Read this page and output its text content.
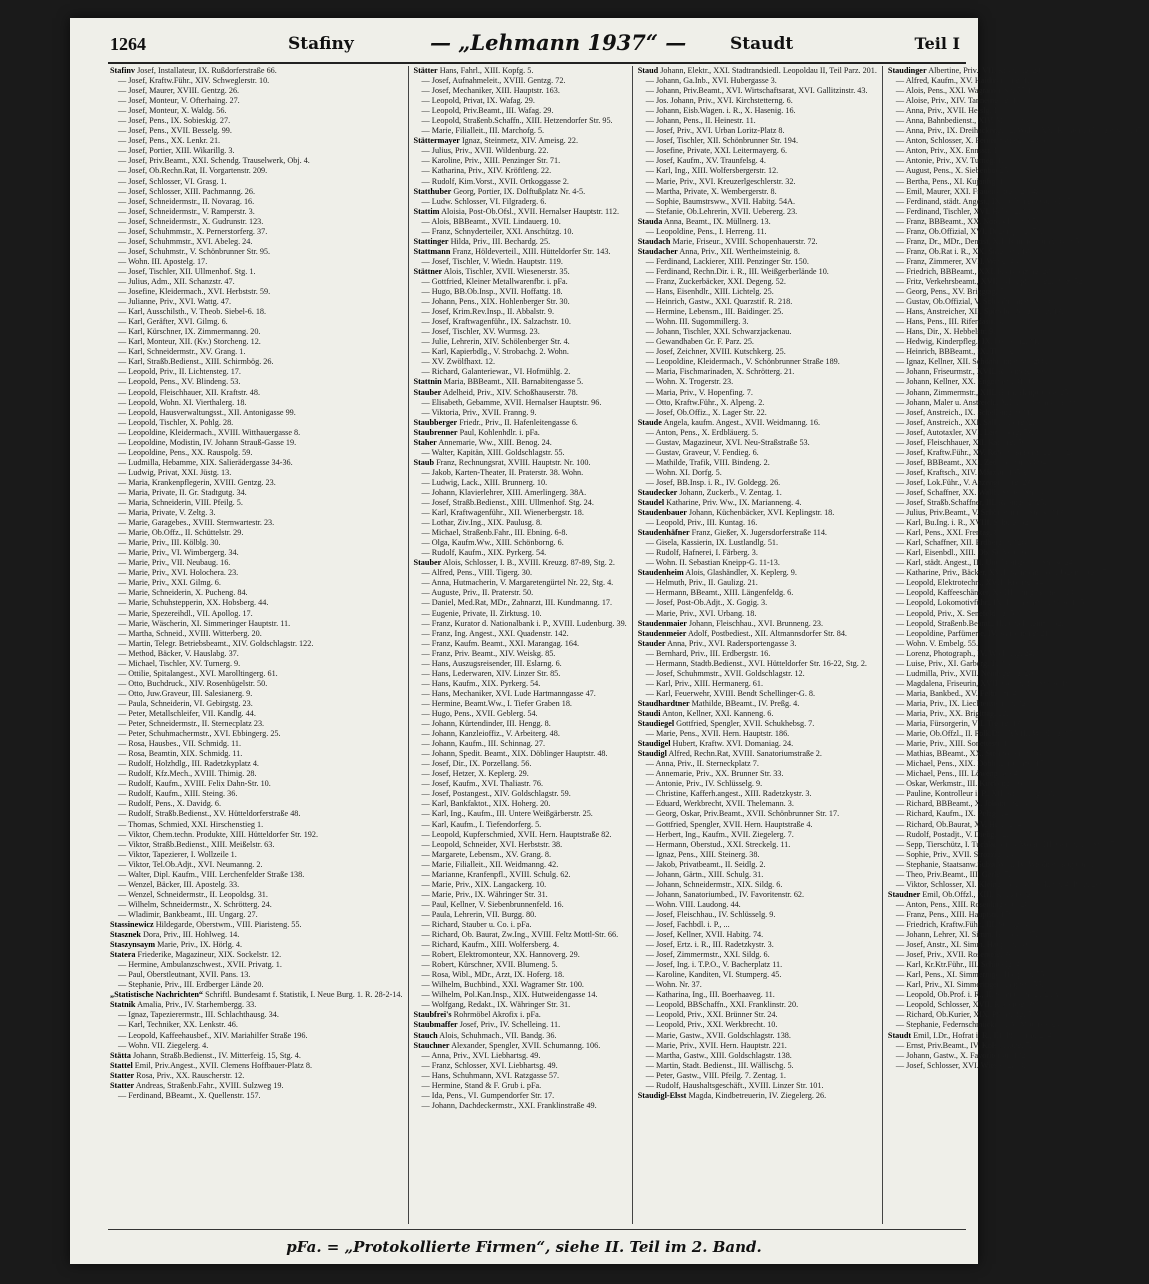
1264	Stafiny	— „Lehmann 1937“ —	Staudt	Teil I
Stafinv Josef, Installateur, IX. Rußdorferstraße 66.
— Josef, Kraftw.Führ., XIV. Schweglerstr. 10.
— Josef, Maurer, XVIII. Gentzg. 26.
— Josef, Monteur, V. Ofterhaing. 27.
— Josef, Monteur, X. Waldg. 56.
— Josef, Pens., IX. Sobieskig. 27.
— Josef, Pens., XVII. Besselg. 99.
— Josef, Pens., XX. Lenkr. 21.
— Josef, Portier, XIII. Wikarillg. 3.
— Josef, Priv.Beamt., XXI. Schendg. Trauselwerk, Obj. 4.
— Josef, Ob.Rechn.Rat, II. Vorgartenstr. 209.
— Josef, Schlosser, VI. Grasg. 1.
— Josef, Schlosser, XIII. Pachmanng. 26.
— Josef, Schneidermstr., II. Novarag. 16.
— Josef, Schneidermstr., V. Ramperstr. 3.
— Josef, Schneidermstr., X. Gudrunstr. 123.
— Josef, Schuhmmstr., X. Pernerstorferg. 37.
— Josef, Schuhmmstr., XVI. Abeleg. 24.
— Josef, Schuhmstr., V. Schönbrunner Str. 95.
— Wohn. III. Apostelg. 17.
— Josef, Tischler, XII. Ullmenhof. Stg. 1.
— Julius, Adm., XII. Schanzstr. 47.
— Josefine, Kleidermach., XVI. Herbststr. 59.
— Julianne, Priv., XVI. Wattg. 47.
— Karl, Ausschilsth., V. Theob. Siebel-6. 18.
— Karl, Geräfter, XVI. Gilmg. 6.
— Karl, Kürschner, IX. Zimmermanng. 20.
— Karl, Monteur, XII. (Kv.) Storcheng. 12.
— Karl, Schneidermstr., XV. Grang. 1.
— Karl, Straßb.Bedienst., XIII. Schirmbög. 26.
— Leopold, Priv., II. Lichtensteg. 17.
— Leopold, Pens., XV. Blindeng. 53.
— Leopold, Fleischhauer, XII. Kraftstr. 48.
— Leopold, Wohn. XI. Vierthalerg. 18.
— Leopold, Hausverwaltungsst., XII. Antonigasse 99.
— Leopold, Tischler, X. Pohlg. 28.
— Leopoldine, Kleidermach., XVIII. Witthauergasse 8.
— Leopoldine, Modistin, IV. Johann Strauß-Gasse 19.
— Leopoldine, Pens., XX. Rauspolg. 59.
— Ludmilla, Hebamme, XIX. Salierädergasse 34-36.
— Ludwig, Privat, XXI. Jüstg. 13.
— Maria, Krankenpflegerin, XVIII. Gentzg. 23.
— Maria, Private, II. Gr. Stadtgutg. 34.
— Maria, Schneiderin, VIII. Pfeilg. 5.
— Maria, Private, V. Zeltg. 3.
— Marie, Garagebes., XVIII. Sternwartestr. 23.
— Marie, Ob.Offz., II. Schüttelstr. 29.
— Marie, Priv., III. Kölblg. 30.
— Marie, Priv., VI. Wimbergerg. 34.
— Marie, Priv., VII. Neubaug. 16.
— Marie, Priv., XVI. Holochera. 23.
— Marie, Priv., XXI. Gilmg. 6.
— Marie, Schneiderin, X. Pucheng. 84.
— Marie, Schuhstepperin, XX. Hobsberg. 44.
— Marie, Spezereihdl., VII. Apollog. 17.
— Marie, Wäscherin, XI. Simmeringer Hauptstr. 11.
— Martha, Schneid., XVIII. Witterberg. 20.
— Martin, Telegr. Betriebsbeamt., XIV. Goldschlagstr. 122.
— Method, Bäcker, V. Hauslabg. 37.
— Michael, Tischler, XV. Turnerg. 9.
— Ottilie, Spitalangest., XVI. Marolltingerg. 61.
— Otto, Buchdruck., XIV. Rosenhügelstr. 50.
— Otto, Juw.Graveur, III. Salesianerg. 9.
— Paula, Schneiderin, VI. Gebirgstg. 23.
— Peter, Metallschleifer, VII. Kandlg. 44.
— Peter, Schneidermstr., II. Sternecplatz 23.
— Peter, Schuhmachermstr., XVI. Ebbingerg. 25.
— Rosa, Hausbes., VII. Schmidg. 11.
— Rosa, Beamtin, XIX. Schmidg. 11.
— Rudolf, Holzhdlg., III. Radetzkyplatz 4.
— Rudolf, Kfz.Mech., XVIII. Thimig. 28.
— Rudolf, Kaufm., XVIII. Felix Dahn-Str. 10.
— Rudolf, Kaufm., XIII. Steing. 36.
— Rudolf, Pens., X. Davidg. 6.
— Rudolf, Straßb.Bedienst., XV. Hütteldorferstraße 48.
— Thomas, Schmied, XXI. Hirschenstieg 1.
— Viktor, Chem.techn. Produkte, XIII. Hütteldorfer Str. 192.
— Viktor, Straßb.Bedienst., XIII. Meißelstr. 63.
— Viktor, Tapezierer, I. Wollzeile 1.
— Viktor, Tel.Ob.Adjt., XVI. Neumanng. 2.
— Walter, Dipl. Kaufm., VIII. Lerchenfelder Straße 138.
— Wenzel, Bäcker, III. Apostelg. 33.
— Wenzel, Schneidermstr., II. Leopoldsg. 31.
— Wilhelm, Schneidermstr., X. Schrötterg. 24.
— Wladimir, Bankbeamt., III. Ungarg. 27.
Stassinewicz Hildegarde, Oberstwm., VIII. Piaristeng. 55.
Stasznek Dora, Priv., III. Hohlweg. 14.
Staszynsaym Marie, Priv., IX. Hörlg. 4.
Statera Friederike, Magazineur, XIX. Sockelstr. 12.
— Hermine, Ambulanzschwest., XVII. Privatg. 1.
— Paul, Oberstleutnant, XVII. Pans. 13.
— Stephanie, Priv., III. Erdberger Lände 20.
„Statistische Nachrichten“ Schriftl. Bundesamt f. Statistik, I. Neue Burg. 1. R. 28-2-14.
Statnik Amalia, Priv., IV. Starhembergg. 33.
— Ignaz, Tapezierermstr., III. Schlachthausg. 34.
— Karl, Techniker, XX. Lenkstr. 46.
— Leopold, Kaffeehausbef., XIV. Mariahilfer Straße 196.
— Wohn. VII. Ziegelerg. 4.
Stätta Johann, Straßb.Bedienst., IV. Mitterfeig. 15, Stg. 4.
Stattel Emil, Priv.Angest., XVII. Clemens Hoffbauer-Platz 8.
Statter Rosa, Priv., XX. Rauscherstr. 12.
Statter Andreas, Straßenb.Fahr., XVIII. Sulzweg 19.
— Ferdinand, BBeamt., X. Quellenstr. 157.
Stätter Hans, Fahrl., XIII. Kopfg. 5.
— Josef, Aufnahmeleit., XVIII. Gentzg. 72.
— Josef, Mechaniker, XIII. Hauptstr. 163.
— Leopold, Privat, IX. Wafag. 29.
— Leopold, Priv.Beamt., III. Wafag. 29.
— Leopold, Straßenb.Schaffn., XIII. Hetzendorfer Str. 95.
— Marie, Filialleit., III. Marchofg. 5.
Stättermayer Ignaz, Steinmetz, XIV. Ameisg. 22.
— Julius, Priv., XVII. Wildenburg. 22.
— Karoline, Priv., XIII. Penzinger Str. 71.
— Katharina, Priv., XIV. Kröftleng. 22.
— Rudolf, Kim.Vorst., XVII. Ortkoggasse 2.
Statthuber Georg, Portier, IX. Dolftußplatz Nr. 4-5.
— Ludw. Schlosser, VI. Filgraderg. 6.
Stattim Aloisia, Post-Ob.Ofsl., XVII. Hernalser Hauptstr. 112.
— Alois, BBBeamt., XVII. Lindauerg. 10.
— Franz, Schnyderteiler, XXI. Anschützg. 10.
Stattinger Hilda, Priv., III. Bechardg. 25.
Stattmann Franz, Höldeverteil., XIII. Hütteldorfer Str. 143.
— Josef, Tischler, V. Wiedn. Hauptstr. 119.
Stättner Alois, Tischler, XVII. Wiesenerstr. 35.
— Gottfried, Kleiner Metallwarenfbr. i. pFa.
— Hugo, BB.Ob.Insp., XVII. Hoffattg. 18.
— Johann, Pens., XIX. Hohlenberger Str. 30.
— Josef, Krim.Rev.Insp., II. Abbalstr. 9.
— Josef, Kraftwagenführ., IX. Salzachstr. 10.
— Josef, Tischler, XV. Wurmsg. 23.
— Julie, Lehrerin, XIV. Schölenberger Str. 4.
— Karl, Kapierbdlg., V. Strobachg. 2. Wohn.
— XV. Zwölfhaxt. 12.
— Richard, Galanteriewar., VI. Hofmühlg. 2.
Stattnin Maria, BBBeamt., XII. Barnabitengasse 5.
Stauber Adelheid, Priv., XIV. Schoßhauserstr. 78.
— Elisabeth, Gebamme, XVII. Hernalser Hauptstr. 96.
— Viktoria, Priv., XVII. Franng. 9.
Staubberger Friedr., Priv., II. Hafenleitengasse 6.
Staubrenner Paul, Kohlenhdlr. i. pFa.
Staher Annemarie, Ww., XIII. Benog. 24.
— Walter, Kapitän, XIII. Goldschlagstr. 55.
Staub Franz, Rechnungsrat, XVIII. Hauptstr. Nr. 100.
— Jakob, Karten-Theater, II. Praterstr. 38. Wohn.
— Ludwig, Lack., XIII. Brunnerg. 10.
— Johann, Klavierlehrer, XIII. Amerlingerg. 38A.
— Josef, Straßb.Bedienst., XIII. Ullmenhof. Stg. 24.
— Karl, Kraftwagenführ., XII. Wienerbergstr. 18.
— Lothar, Ziv.Ing., XIX. Paulusg. 8.
— Michael, Straßenb.Fahr., III. Ebning. 6-8.
— Olga, Kaufm.Ww., XIII. Schönborng. 6.
— Rudolf, Kaufm., XIX. Pyrkerg. 54.
Stauber Alois, Schlosser, I. B., XVIII. Kreuzg. 87-89, Stg. 2.
— Alfred, Pens., VIII. Tigerg. 30.
— Anna, Hutmacherin, V. Margaretengürtel Nr. 22, Stg. 4.
— Auguste, Priv., II. Praterstr. 50.
— Daniel, Med.Rat, MDr., Zahnarzt, III. Kundmanng. 17.
— Eugenie, Private, II. Zirktusg. 10.
— Franz, Kurator d. Nationalbank i. P., XVIII. Ludenburg. 39.
— Franz, Ing. Angest., XXI. Quadenstr. 142.
— Franz, Kaufm. Beamt., XXI. Marangag. 164.
— Franz, Priv. Beamt., XIV. Weiskg. 85.
— Hans, Auszugsreisender, III. Eslarng. 6.
— Hans, Lederwaren, XIV. Linzer Str. 85.
— Hans, Kaufm., XIX. Pyrkerg. 54.
— Hans, Mechaniker, XVI. Lude Hartmanngasse 47.
— Hermine, Beamt.Ww., I. Tiefer Graben 18.
— Hugo, Pens., XVII. Geblerg. 54.
— Johann, Kürtendinder, III. Hengg. 8.
— Johann, Kanzleioffiz., V. Arbeiterg. 48.
— Johann, Kaufm., III. Schinnag. 27.
— Johann, Spedit. Beamt., XIX. Döblinger Hauptstr. 48.
— Josef, Dir., IX. Porzellang. 56.
— Josef, Hetzer, X. Keplerg. 29.
— Josef, Kaufm., XVI. Thaliastr. 76.
— Josef, Postangest., XIV. Goldschlagstr. 59.
— Karl, Bankfaktot., XIX. Hoherg. 20.
— Karl, Ing., Kaufm., III. Untere Weißgärberstr. 25.
— Karl, Kaufm., I. Tiefendorferg. 5.
— Leopold, Kupferschmied, XVII. Hern. Hauptstraße 82.
— Leopold, Schneider, XVI. Herbststr. 38.
— Margarete, Lebensm., XV. Grang. 8.
— Marie, Filialleit., XII. Weidmanng. 42.
— Marianne, Kranfenpfl., XVIII. Schulg. 62.
— Marie, Priv., XIX. Langackerg. 10.
— Marie, Priv., IX. Währinger Str. 31.
— Paul, Kellner, V. Siebenbrunnenfeld. 16.
— Paula, Lehrerin, VII. Burgg. 80.
— Richard, Stauber u. Co. i. pFa.
— Richard, Ob. Baurat, Zw.Ing., XVIII. Feltz Mottl-Str. 66.
— Richard, Kaufm., XIII. Wolfersberg. 4.
— Robert, Elektromonteur, XX. Hannoverg. 29.
— Robert, Kürschner, XVII. Blumeng. 5.
— Rosa, Wibl., MDr., Arzt, IX. Hoferg. 18.
— Wilhelm, Buchbind., XXI. Wagramer Str. 100.
— Wilhelm, Pol.Kan.Insp., XIX. Hutweidengasse 14.
— Wolfgang, Redakt., IX. Währinger Str. 31.
Staubfrei's Rohrmöbel Akrofix i. pFa.
Staubmaffer Josef, Priv., IV. Schelleing. 11.
Stauch Alois, Schuhmach., VII. Bandg. 36.
Stauchner Alexander, Spengler, XVII. Schumanng. 106.
— Anna, Priv., XVI. Liebhartsg. 49.
— Franz, Schlosser, XVI. Liebhartsg. 49.
— Hans, Schuhmann, XVI. Ratzgasse 57.
— Hermine, Stand & F. Grub i. pFa.
— Ida, Pens., VI. Gumpendorfer Str. 17.
— Johann, Dachdeckermstr., XXI. Franklinstraße 49.
Staud Johann, Elektr., XXI. Stadtrandsiedl. Leopoldau II, Teil Parz. 201.
— Johann, Ga.Inb., XVI. Hubergasse 3.
— Johann, Priv.Beamt., XVI. Wirtschaftsarat, XVI. Gallitzinstr. 43.
— Jos. Johann, Priv., XVI. Kirchstetterng. 6.
— Johann, Eisb.Wagen. i. R., X. Hasenig. 16.
— Johann, Pens., II. Heinestr. 11.
— Josef, Priv., XVI. Urban Loritz-Platz 8.
— Josef, Tischler, XII. Schönbrunner Str. 194.
— Josefine, Private, XXI. Leitermayerg. 6.
— Josef, Kaufm., XV. Traunfelsg. 4.
— Karl, Ing., XIII. Wolfersbergerstr. 12.
— Marie, Priv., XVI. Kreuzerlgeschlerstr. 32.
— Martha, Private, X. Wembergerstr. 8.
— Sophie, Baumstrsww., XVII. Habitg. 54A.
— Stefanie, Ob.Lehrerin, XVII. Uebererg. 23.
Stauda Anna, Beamt., IX. Müllnerg. 13.
— Leopoldine, Pens., I. Herreng. 11.
Staudach Marie, Friseur., XVIII. Schopenhauerstr. 72.
Staudacher Anna, Priv., XII. Wertheimsteinig. 8.
— Ferdinand, Lackierer, XIII. Penzinger Str. 150.
— Ferdinand, Rechn.Dir. i. R., III. Weißgerberlände 10.
— Franz, Zuckerbäcker, XXI. Degeng. 52.
— Hans, Eisenhdlr., XIII. Lichtelg. 25.
— Heinrich, Gastw., XXI. Quarzstif. R. 218.
— Hermine, Lebensm., III. Baidinger. 25.
— Wohn. III. Sugommillerg. 3.
— Johann, Tischler, XXI. Schwarzjackenau.
— Gewandhaben Gr. F. Parz. 25.
— Josef, Zeichner, XVIII. Kutschkerg. 25.
— Leopoldine, Kleidermach., V. Schönbrunner Straße 189.
— Maria, Fischmarinaden, X. Schrötterg. 21.
— Wohn. X. Trogerstr. 23.
— Maria, Priv., V. Hopenfing. 7.
— Otto, Kraftw.Führ., X. Alpeng. 2.
— Josef, Ob.Offiz., X. Lager Str. 22.
Staude Angela, kaufm. Angest., XVII. Weidmanng. 16.
— Anton, Pens., X. Erdbläuerg. 5.
— Gustav, Magazineur, XVI. Neu-Straßstraße 53.
— Gustav, Graveur, V. Fendieg. 6.
— Mathilde, Trafik, VIII. Bindeng. 2.
— Wohn. XI. Dorfg. 5.
— Josef, BB.Insp. i. R., IV. Goldegg. 26.
Staudecker Johann, Zuckerb., V. Zentag. 1.
Staudel Katharine, Priv. Ww., IX. Marianneng. 4.
Staudenbauer Johann, Küchenbäcker, XVI. Keplingstr. 18.
— Leopold, Priv., III. Kuntag. 16.
Staudenhäfner Franz, Gießer, X. Jugersdorferstraße 114.
— Gisela, Kassierin, IX. Lustlandlg. 51.
— Rudolf, Hafnerei, I. Färberg. 3.
— Wohn. II. Sebastian Kneipp-G. 11-13.
Staudenheim Alois, Glashändler, X. Keplerg. 9.
— Helmuth, Priv., II. Gaulizg. 21.
— Hermann, BBeamt., XIII. Längenfeldg. 6.
— Josef, Post-Ob.Adjt., X. Gogig. 3.
— Marie, Priv., XVI. Urbang. 18.
Staudenmaier Johann, Fleischhau., XVI. Brunneng. 23.
Staudenmeier Adolf, Postbediest., XII. Altmannsdorfer Str. 84.
Stauder Anna, Priv., XVI. Radersportengasse 3.
— Bernhard, Priv., III. Erdbergstr. 16.
— Hermann, Stadtb.Bedienst., XVI. Hütteldorfer Str. 16-22, Stg. 2.
— Josef, Schuhmmstr., XVII. Goldschlagstr. 12.
— Karl, Priv., XIII. Hermanerg. 61.
— Karl, Feuerwehr, XVIII. Bendt Schellinger-G. 8.
Staudhardtner Mathilde, BBeamt., IV. Preßg. 4.
Staudi Anton, Kellner, XXI. Kanneng. 6.
Staudiegel Gottfried, Spengler, XVII. Schukhebsg. 7.
— Marie, Pens., XVII. Hern. Hauptstr. 186.
Staudigel Hubert, Kraftw. XVI. Domaniag. 24.
Staudigl Alfred, Rechn.Rat, XVIII. Sanatoriumstraße 2.
— Anna, Priv., II. Sterneckplatz 7.
— Annemarie, Priv., XX. Brunner Str. 33.
— Antonie, Priv., IV. Schlüsselg. 9.
— Christine, Kafferh.angest., XIII. Radetzkystr. 3.
— Eduard, Werkbrecht, XVII. Thelemann. 3.
— Georg, Oskar, Priv.Beamt., XVII. Schönbrunner Str. 17.
— Gottfried, Spengler, XVII. Hern. Hauptstraße 4.
— Herbert, Ing., Kaufm., XVII. Ziegelerg. 7.
— Hermann, Oberstud., XXI. Streckelg. 11.
— Ignaz, Pens., XIII. Steinerg. 38.
— Jakob, Privatbeamt., II. Seidlg. 2.
— Johann, Gärtn., XIII. Schulg. 31.
— Johann, Schneidermstr., XIX. Sildg. 6.
— Johann, Sanatoriumbed., IV. Favoritenstr. 62.
— Wohn. VIII. Laudong. 44.
— Josef, Fleischhau., IV. Schlüsselg. 9.
— Josef, Fachbdl. i. P., ...
— Josef, Kellner, XVII. Habitg. 74.
— Josef, Ertz. i. R., III. Radetzkystr. 3.
— Josef, Zimmermstr., XXI. Sildg. 6.
— Josef, Ing. i. T.P.O., V. Bacherplatz 11.
— Karoline, Kanditen, VI. Stumperg. 45.
— Wohn. Nr. 37.
— Katharina, Ing., III. Boerhaaveg. 11.
— Leopold, BBSchaffn., XXI. Franklinstr. 20.
— Leopold, Priv., XXI. Brünner Str. 24.
— Leopold, Priv., XXI. Werkbrecht. 10.
— Marie, Gastw., XVII. Goldschlagstr. 138.
— Marie, Priv., XVII. Hern. Hauptstr. 221.
— Martha, Gastw., XIII. Goldschlagstr. 138.
— Martin, Stadt. Bedienst., III. Wällischg. 5.
— Peter, Gastw., VIII. Pfeilg. 7. Zentag. 1.
— Rudolf, Haushaltsgeschäft., XVIII. Linzer Str. 101.
Staudigl-Elsst Magda, Kindbetreuerin, IV. Ziegelerg. 26.
Staudinger Albertine, Priv., VII. Kircheng. 29.
— Alfred, Kaufm., XV. Haidmanning. 1.
— Alois, Pens., XXI. Wagramer Str. 57-103.
— Aloise, Priv., XIV. Tanneingerg. 18.
— Anna, Priv., XVII. Heislg. 11.
— Anna, Bahnbedienst., XIV. Meiselstr. 18.
— Anna, Priv., IX. Dreihackeng. 12. Wohn. XX. Klosterneuburger Str. 107.
— Anton, Schlosser, X. Pernerstorferg. 84-86.
— Anton, Priv., XX. Ennsstr. 18.
— Antonie, Priv., XV. Turneg. 1.
— August, Pens., X. Siebenbot 25.
— Bertha, Pens., XI. Kujanftg. 1.
— Emil, Maurer, XXI. Frauenstiftg. 12-14.
— Ferdinand, städt. Angest., IX. Döblinger Gürtel 17.
— Ferdinand, Tischler, XVI. Haberlg. 19.
— Franz, BBBeamt., XX. Nordbahnstr. 17.
— Franz, Ob.Offizial, XVI. Degenquisg. 79.
— Franz, Dr., MDr., Dentist, XII. Brünner Straße 63-65.
— Franz, Ob.Rat i. R., XX. Singerstr. 18.
— Franz, Zimmerer, XVII. Wattg. 43.
— Friedrich, BBBeamt., XXI. Konstanzlag. 28.
— Fritz, Verkehrsbeamt., XVII. Klampfelbergg. Parz. 52.
— Georg, Pens., XV. Briggtag. 7.
— Gustav, Ob.Offizial, V. Schönbrunner Str. 16.
— Hans, Anstreicher, XII. Spitteltreiberg. Parz. 13.
— Hans, Pens., III. Riferdastr. 3.
— Hans, Dir., X. Hebbelstr. 9.
— Hedwig, Kinderpfleg., IX. D'Orsang. 11.
— Heinrich, BBBeamt., IX. Thurng. 8.
— Ignaz, Kellner, XII. Schönbrunner Str. 266.
— Johann, Friseurmstr., XVII. Rosenteig. 39.
— Johann, Kellner, XX. Engerthstr. 81-93.
— Johann, Zimmermstr., XIII. Hern. Hauptstraße 25.
— Johann, Maler u. Anstreich., XII. Landwehrstr. Parz. 13.
— Josef, Anstreich., IX. Schelleing. 9-11.
— Josef, Anstreich., XXI. Sallmanberg. 2.
— Josef, Autotaxler, XVI. Lettenberg. 73.
— Josef, Fleischhauer, XII. Kaiserg. 50.
— Josef, Kraftw.Führ., XV. Robert Hamerlinggasse 28.
— Josef, BBBeamt., XXI. Zedlefer Str. 68-94.
— Josef, Kraftsch., XIV. Märzstr. 105A.
— Josef, Lok.Führ., V. Anzengruberg. 23.
— Josef, Schaffner, XX. Wallb. Stifter-Str. 18.
— Josef, Straßb.Schaffner, III. Rabingerg. 25.
— Julius, Priv.Beamt., V. Schönbrunner Straße 113.
— Karl, Bu.Ing. i. R., XVIII. Schulg. 62.
— Karl, Pens., XXI. Frentag. 8.
— Karl, Schaffner, XII. Erdbergstr. 126.
— Karl, Eisenbdl., XIII. Ob. St. Veit 10.
— Karl, städt. Angest., III. Unt. Weißgerber Straße 24.
— Katharine, Priv., Bäcker, XVII. Salmannsdorf. Jägerwirtg. 17.
— Leopold, Elektrotechn., XVII. Kreuzg. 44.
— Leopold, Kaffeeschänker, XVIII. Eungshaimstr. 18.
— Leopold, Lokomotivführ., IX. Liechtensteinstraße 105.
— Leopold, Priv., X. Senefelderg. 5.
— Leopold, Straßenb.Beamt., III. Ghelengürtel 62.
— Leopoldine, Parfümerie, IV. Karolineng. 21.
— Wohn. V. Embelg. 55.
— Lorenz, Photograph., IV. Wielandg. 24.
— Luise, Priv., XI. Garberg. 11-13.
— Ludmilla, Priv., XVII. Neudeggerg. 20.
— Magdalena, Friseurin, XVII. Gersthofer Straße 16.
— Maria, Bankbed., XV. Felberstr. 40.
— Maria, Priv., IX. Liechtensteinstr. 92.
— Maria, Priv., XX. Brigittag. 22.
— Maria, Fürsorgerin, VII. Tigerg. 13.
— Marie, Ob.Offzl., II. Polk.Dir., XVIII. Weitlofg. 17.
— Marie, Priv., XIII. Sonettestr. 1.
— Mathias, BBeamt., XX. Sterntorferstr. 16.
— Michael, Pens., XIX. Döblinger Gürtel 15.
— Michael, Pens., III. Löwengasse 4.
— Oskar, Werkmstr., III. Kircheng. 10.
— Pauline, Kontrolleur i. P., XII. Kinnsenig. 18.
— Richard, BBBeamt., X. Johannitrg. 3.
— Richard, Kaufm., IX. Pelzg. 14.
— Richard, Ob.Baurat, XV. Humag. 4.
— Rudolf, Postadjt., V. Diebg. 12.
— Sepp, Tierschütz, I. Tuchlauben 3. Wohn. III. Gersthofer Str. 17.
— Sophie, Priv., XVII. Strozzig. 16.
— Stephanie, Staatsanw.Subst.Ww., IV. Wiedner Hauptstr. 18.
— Theo, Priv.Beamt., III. Gerlg. 7.
— Viktor, Schlosser, XI. Kleingarten Gaswerk. Gr. 4. Parz. 266.
Staudner Emil, Ob.Offzl., XIII. Kinnanerg. 31.
— Anton, Pens., XIII. Rosenhügelstr. 28.
— Franz, Pens., XIII. Hauptstr. 156.
— Friedrich, Kraftw.Führ., III. Steing. 3.
— Johann, Lehrer, XI. Simm. Hauptstr. 97.
— Josef, Anstr., XI. Simm. Hauptstr. 30.
— Josef, Priv., XVII. Rosenteig. 36.
— Karl, Kr.Ktr.Führ., III. Schüttelg. 4.
— Karl, Pens., XI. Simmeringer Hauptstr. 55.
— Karl, Priv., XI. Simmeringer Hauptstr. 55.
— Leopold, Ob.Prof. i. R., II. Schüttelstr. 21-21A.
— Leopold, Schlosser, XVII. Rosenteg. 36.
— Richard, Ob.Kurier, XIX. Pfarrhofg. 5.
— Stephanie, Federnschmückerin, V. Mittersteig 8.
Staudt Emil, I.Dr., Hofrat i. R., III. Pfefferhofg. 4.
— Ernst, Priv.Beamt., IV. Kolschnitzg. 7.
— Johann, Gastw., X. Favoritenstr. 132.
— Josef, Schlosser, XVI. Wiesberga. 8.
pFa. = „Protokollierte Firmen“, siehe II. Teil im 2. Band.
